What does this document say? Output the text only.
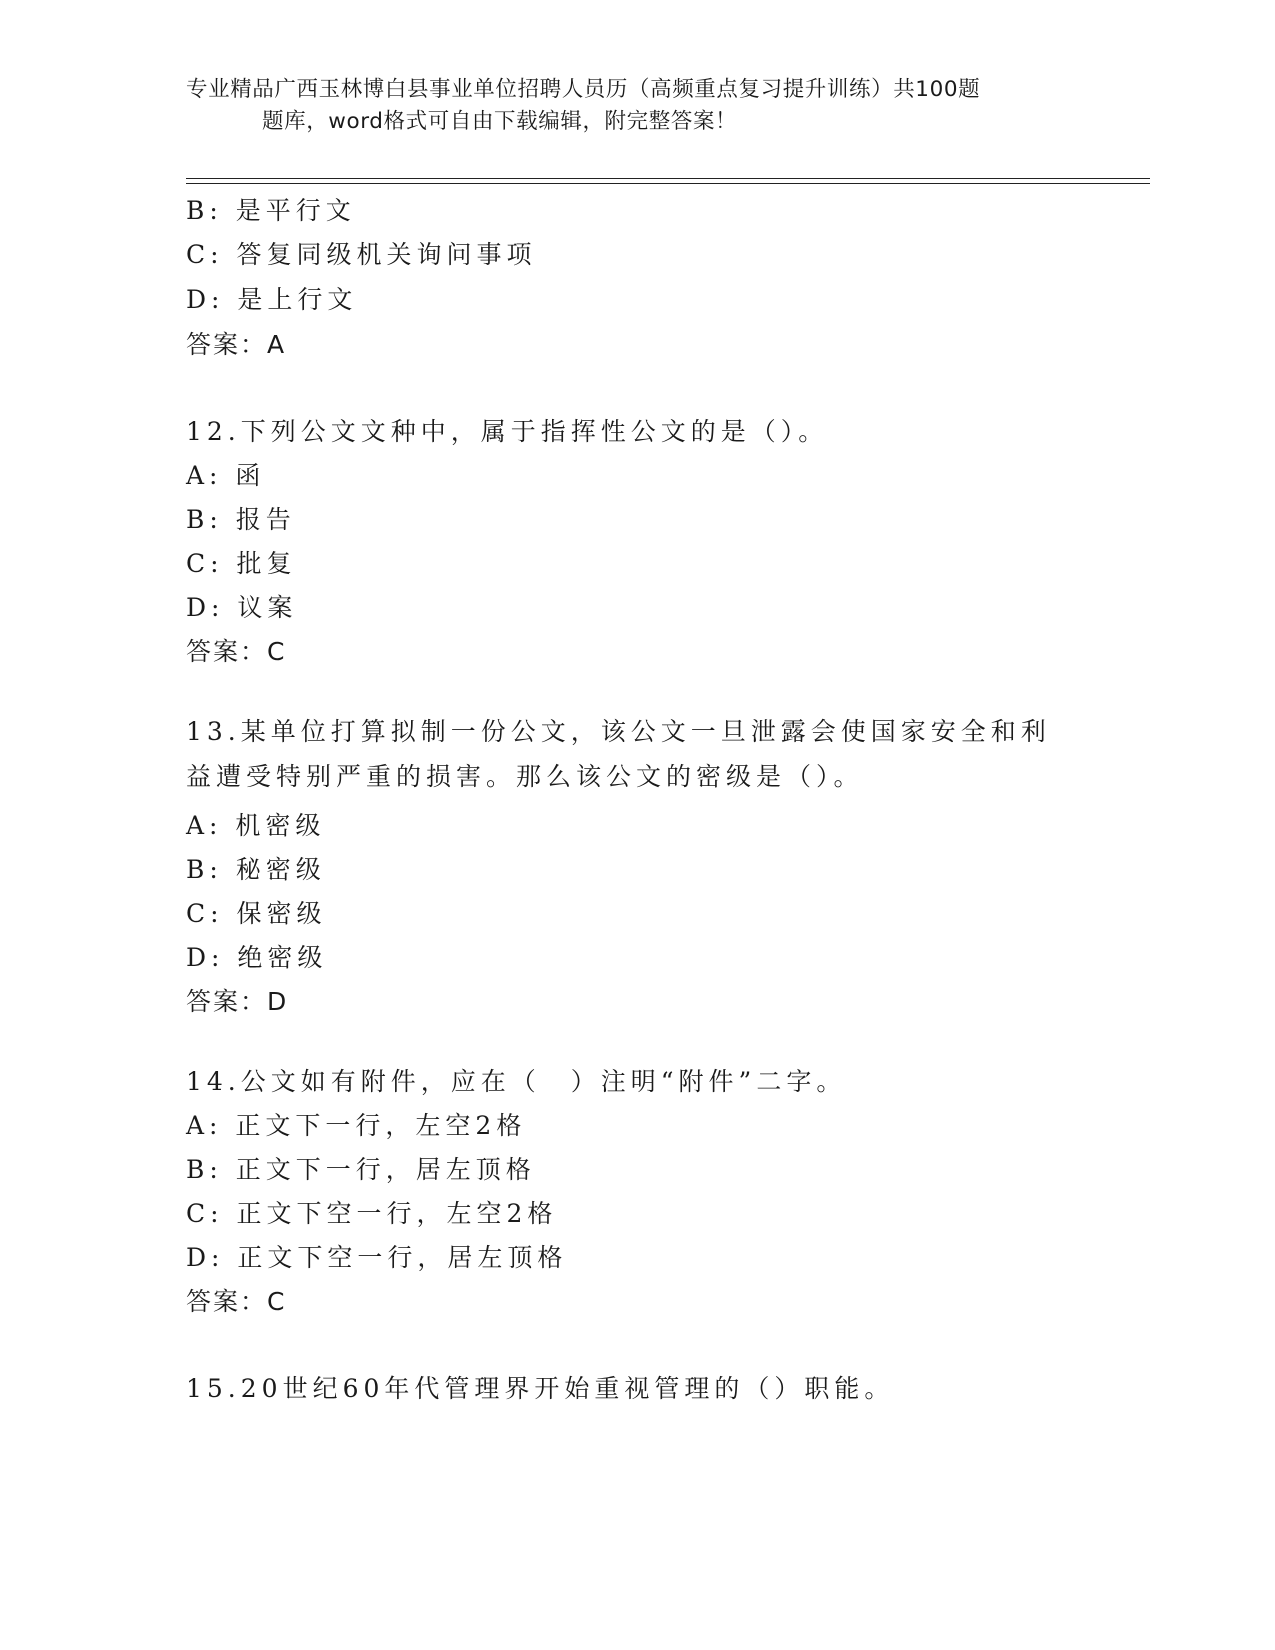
专业精品广西玉林博白县事业单位招聘人员历（高频重点复习提升训练）共100题
题库，word格式可自由下载编辑，附完整答案！
B: 是平行文
C: 答复同级机关询问事项
D: 是上行文
答案：A
12.下列公文文种中，属于指挥性公文的是（）。
A: 函
B: 报告
C: 批复
D: 议案
答案：C
13.某单位打算拟制一份公文，该公文一旦泄露会使国家安全和利益遭受特别严重的损害。那么该公文的密级是（）。
A: 机密级
B: 秘密级
C: 保密级
D: 绝密级
答案：D
14.公文如有附件，应在（　）注明“附件”二字。
A: 正文下一行，左空2格
B: 正文下一行，居左顶格
C: 正文下空一行，左空2格
D: 正文下空一行，居左顶格
答案：C
15.20世纪60年代管理界开始重视管理的（）职能。
